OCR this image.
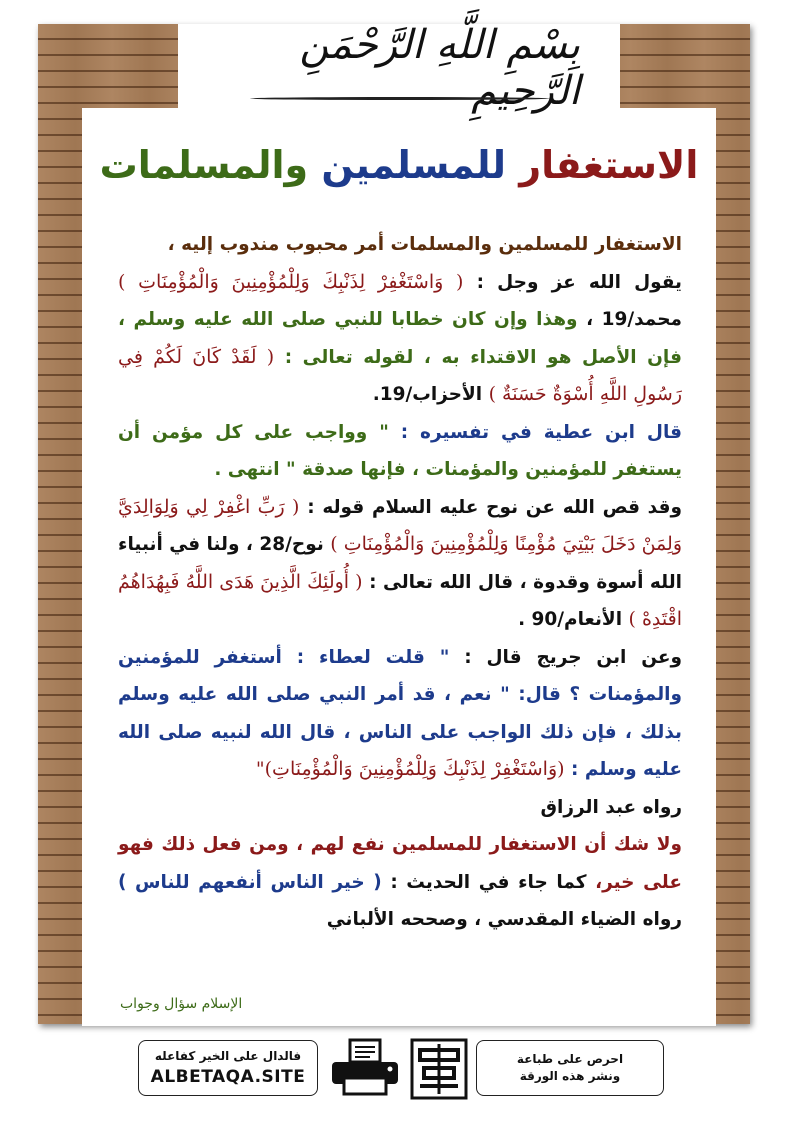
بِسْمِ اللَّهِ الرَّحْمَنِ الرَّحِيمِ
الاستغفار للمسلمين والمسلمات

الاستغفار للمسلمين والمسلمات أمر محبوب مندوب إليه ،

يقول الله عز وجل : ( وَاسْتَغْفِرْ لِذَنْبِكَ وَلِلْمُؤْمِنِينَ وَالْمُؤْمِنَاتِ ) محمد/19 ، وهذا وإن كان خطابا للنبي صلى الله عليه وسلم ، فإن الأصل هو الاقتداء به ، لقوله تعالى : ( لَقَدْ كَانَ لَكُمْ فِي رَسُولِ اللَّهِ أُسْوَةٌ حَسَنَةٌ ) الأحزاب/19.

قال ابن عطية في تفسيره : " وواجب على كل مؤمن أن يستغفر للمؤمنين والمؤمنات ، فإنها صدقة " انتهى .

وقد قص الله عن نوح عليه السلام قوله : ( رَبِّ اغْفِرْ لِي وَلِوَالِدَيَّ وَلِمَنْ دَخَلَ بَيْتِيَ مُؤْمِنًا وَلِلْمُؤْمِنِينَ وَالْمُؤْمِنَاتِ ) نوح/28 ، ولنا في أنبياء الله أسوة وقدوة ، قال الله تعالى : ( أُولَئِكَ الَّذِينَ هَدَى اللَّهُ فَبِهُدَاهُمُ اقْتَدِهْ ) الأنعام/90 .

وعن ابن جريج قال : " قلت لعطاء : أستغفر للمؤمنين والمؤمنات ؟ قال: " نعم ، قد أمر النبي صلى الله عليه وسلم بذلك ، فإن ذلك الواجب على الناس ، قال الله لنبيه صلى الله عليه وسلم : (وَاسْتَغْفِرْ لِذَنْبِكَ وَلِلْمُؤْمِنِينَ وَالْمُؤْمِنَاتِ)"

رواه عبد الرزاق

ولا شك أن الاستغفار للمسلمين نفع لهم ، ومن فعل ذلك فهو على خير، كما جاء في الحديث : ( خير الناس أنفعهم للناس ) رواه الضياء المقدسي ، وصححه الألباني

الإسلام سؤال وجواب
فالدال على الخير كفاعله
ALBETAQA.SITE
احرص على طباعة
ونشر هذه الورقة
